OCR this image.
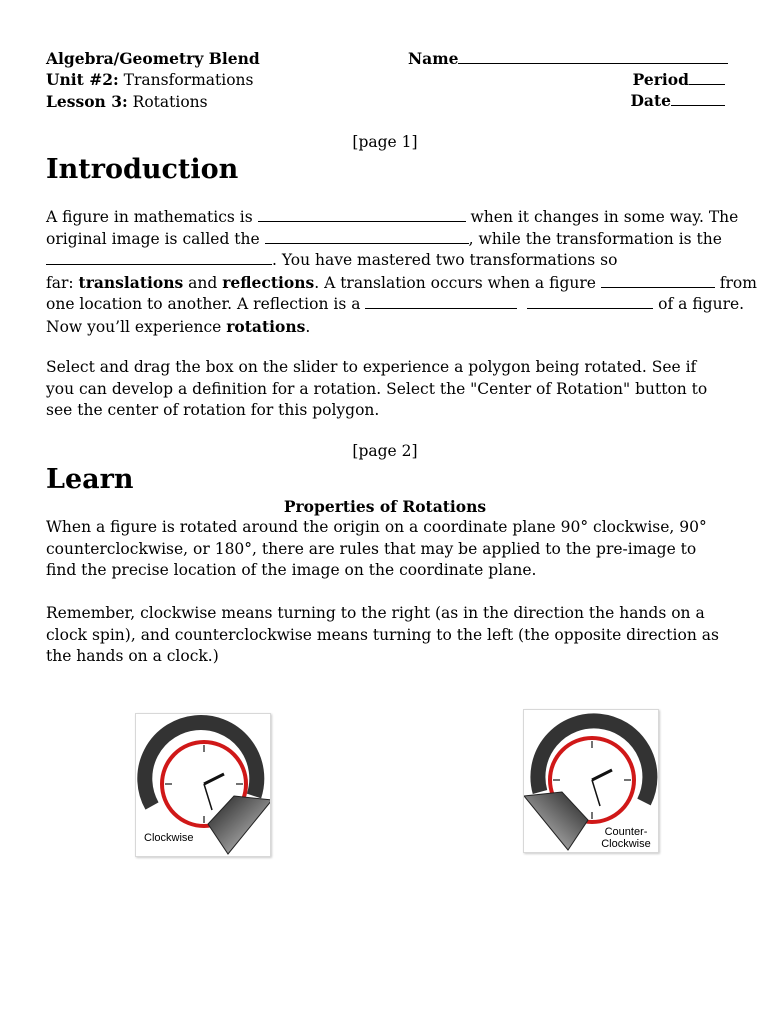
Algebra/Geometry Blend
Unit #2: Transformations
Lesson 3: Rotations
Name
Period
Date
[page 1]
Introduction
A figure in mathematics is	when it changes in some way. The
original image is called the	, while the transformation is the
. You have mastered two transformations so
far: translations and reflections. A translation occurs when a figure	from
one location to another. A reflection is a	of a figure.
Now you’ll experience rotations.
Select and drag the box on the slider to experience a polygon being rotated. See if you can develop a definition for a rotation. Select the "Center of Rotation" button to see the center of rotation for this polygon.
[page 2]
Learn
Properties of Rotations
When a figure is rotated around the origin on a coordinate plane 90° clockwise, 90° counterclockwise, or 180°, there are rules that may be applied to the pre-image to find the precise location of the image on the coordinate plane.
Remember, clockwise means turning to the right (as in the direction the hands on a clock spin), and counterclockwise means turning to the left (the opposite direction as the hands on a clock.)
Clockwise	Counter-
Clockwise
